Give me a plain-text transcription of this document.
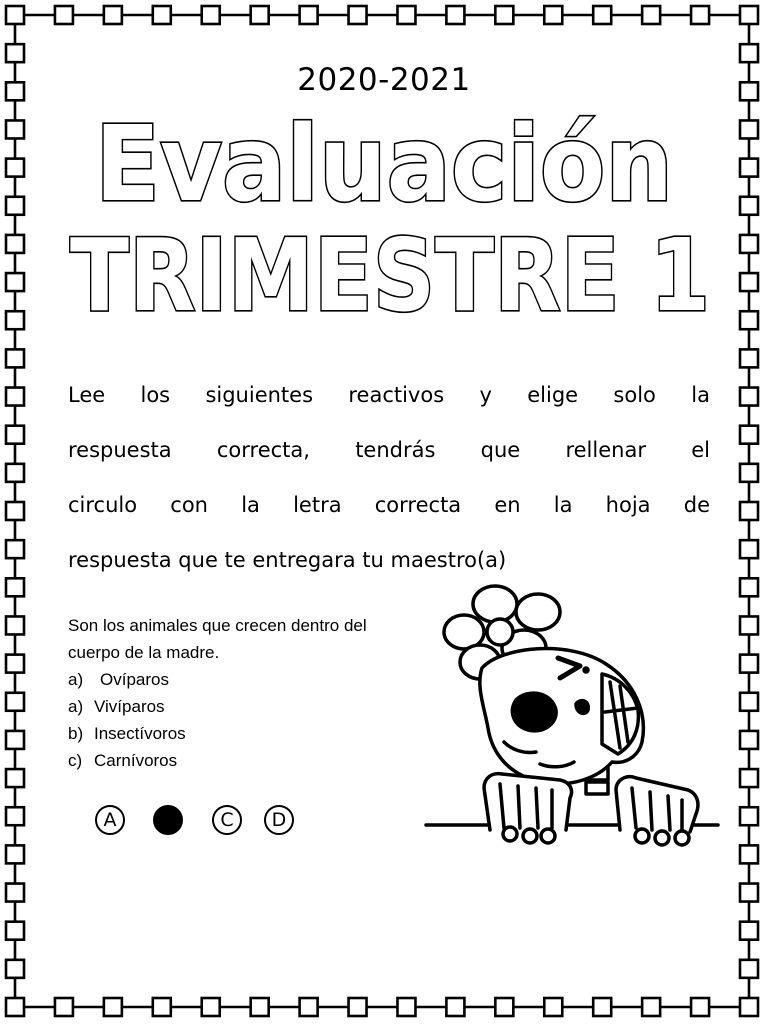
2020-2021
Evaluación
TRIMESTRE 1
Lee los siguientes reactivos y elige solo la
respuesta correcta, tendrás que rellenar el
circulo con la letra correcta en la hoja de
respuesta que te entregara tu maestro(a)
Son los animales que crecen dentro del
cuerpo de la madre.
a) Ovíparos
a) Vivíparos
b) Insectívoros
c) Carnívoros
A	C	D
